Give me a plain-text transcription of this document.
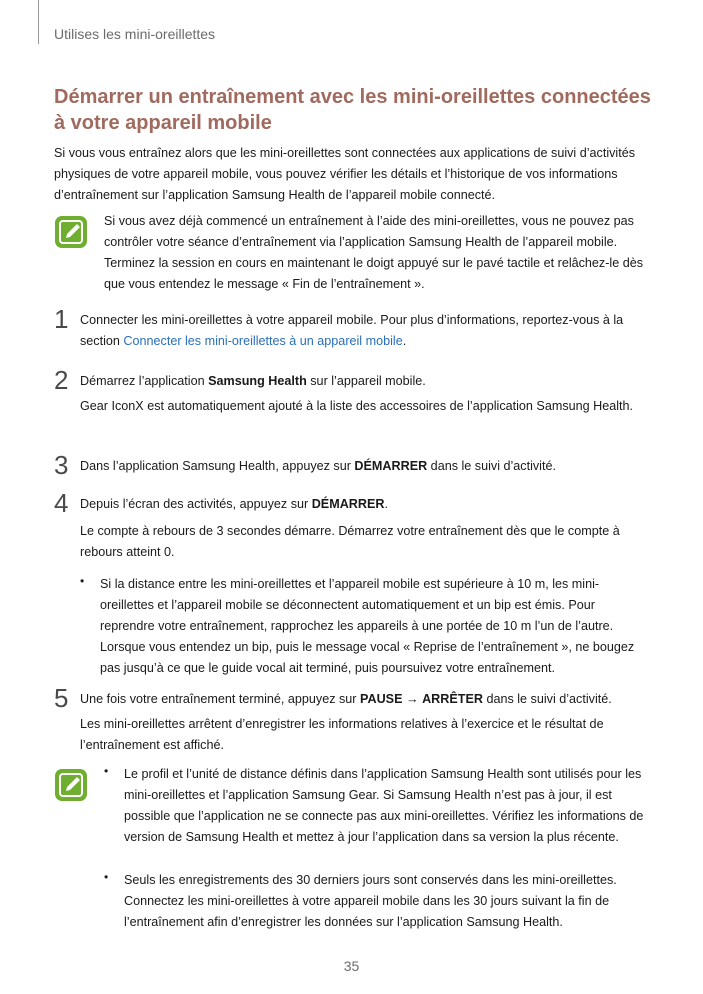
Utilises les mini-oreillettes
Démarrer un entraînement avec les mini-oreillettes connectées à votre appareil mobile

Si vous vous entraînez alors que les mini-oreillettes sont connectées aux applications de suivi d’activités physiques de votre appareil mobile, vous pouvez vérifier les détails et l’historique de vos informations d’entraînement sur l’application Samsung Health de l’appareil mobile connecté.

Si vous avez déjà commencé un entraînement à l’aide des mini-oreillettes, vous ne pouvez pas contrôler votre séance d’entraînement via l’application Samsung Health de l’appareil mobile. Terminez la session en cours en maintenant le doigt appuyé sur le pavé tactile et relâchez-le dès que vous entendez le message « Fin de l’entraînement ».

1 Connecter les mini-oreillettes à votre appareil mobile. Pour plus d’informations, reportez-vous à la section Connecter les mini-oreillettes à un appareil mobile.

2 Démarrez l’application Samsung Health sur l’appareil mobile.

Gear IconX est automatiquement ajouté à la liste des accessoires de l’application Samsung Health.

3 Dans l’application Samsung Health, appuyez sur DÉMARRER dans le suivi d’activité.

4 Depuis l’écran des activités, appuyez sur DÉMARRER.

Le compte à rebours de 3 secondes démarre. Démarrez votre entraînement dès que le compte à rebours atteint 0.

• Si la distance entre les mini-oreillettes et l’appareil mobile est supérieure à 10 m, les mini-oreillettes et l’appareil mobile se déconnectent automatiquement et un bip est émis. Pour reprendre votre entraînement, rapprochez les appareils à une portée de 10 m l’un de l’autre. Lorsque vous entendez un bip, puis le message vocal « Reprise de l’entraînement », ne bougez pas jusqu’à ce que le guide vocal ait terminé, puis poursuivez votre entraînement.

5 Une fois votre entraînement terminé, appuyez sur PAUSE → ARRÊTER dans le suivi d’activité.

Les mini-oreillettes arrêtent d’enregistrer les informations relatives à l’exercice et le résultat de l’entraînement est affiché.

• Le profil et l’unité de distance définis dans l’application Samsung Health sont utilisés pour les mini-oreillettes et l’application Samsung Gear. Si Samsung Health n’est pas à jour, il est possible que l’application ne se connecte pas aux mini-oreillettes. Vérifiez les informations de version de Samsung Health et mettez à jour l’application dans sa version la plus récente.

• Seuls les enregistrements des 30 derniers jours sont conservés dans les mini-oreillettes. Connectez les mini-oreillettes à votre appareil mobile dans les 30 jours suivant la fin de l’entraînement afin d’enregistrer les données sur l’application Samsung Health.

35
